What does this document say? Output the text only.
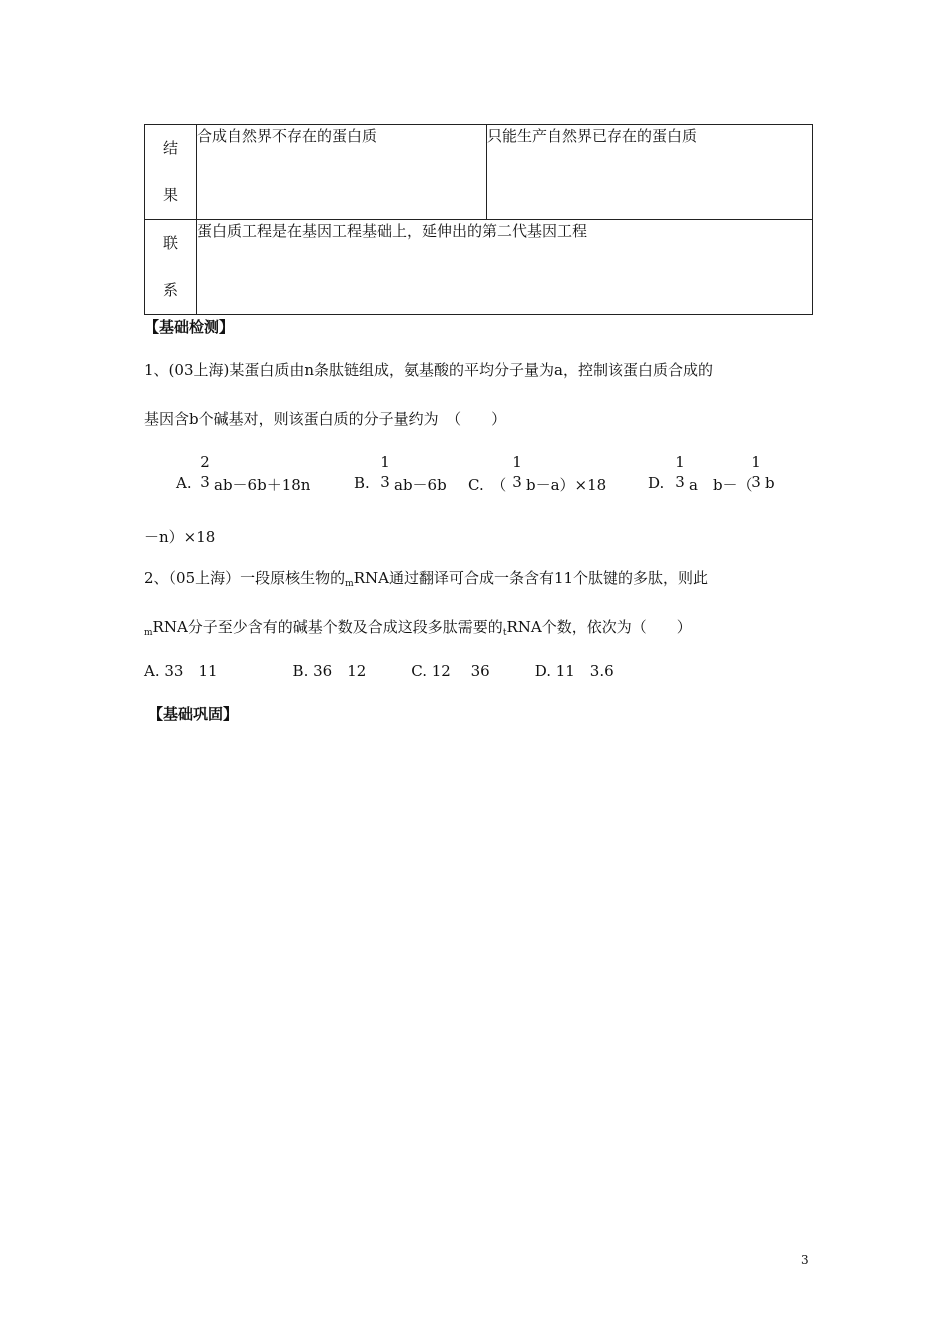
结
果	合成自然界不存在的蛋白质	只能生产自然界已存在的蛋白质

联
系	蛋白质工程是在基因工程基础上，延伸出的第二代基因工程	
【基础检测】
1、(03上海)某蛋白质由n条肽链组成，氨基酸的平均分子量为a，控制该蛋白质合成的
基因含b个碱基对，则该蛋白质的分子量约为　（　　）
A.
2
3 ab－6b＋18n	B.
1
3 ab－6b C.　（
1
3 b－a）×18	D.
1
3 a　b－（
1
3 b
－n）×18
2、（05上海）一段原核生物的$_m$RNA通过翻译可合成一条含有11个肽键的多肽，则此
$_m$RNA分子至少含有的碱基个数及合成这段多肽需要的$_t$RNA个数，依次为（　　）
A. 33　11　　　　　B. 36　12　　　C. 12　 36　　　D. 11　3.6
【基础巩固】
3
